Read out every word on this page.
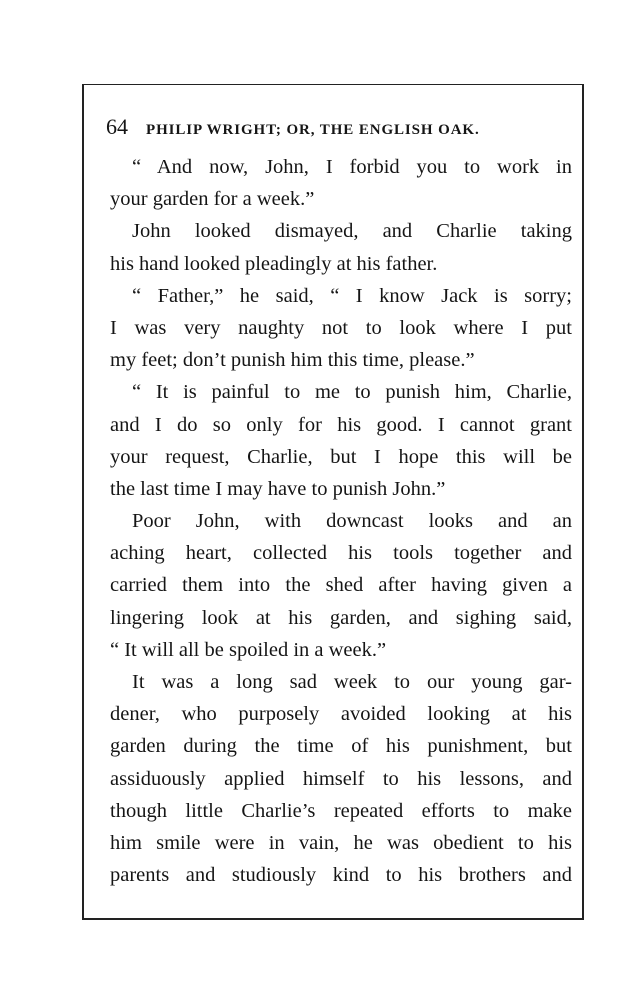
64 PHILIP WRIGHT; OR, THE ENGLISH OAK.
“ And now, John, I forbid you to work in
your garden for a week.”
John looked dismayed, and Charlie taking
his hand looked pleadingly at his father.
“ Father,” he said, “ I know Jack is sorry;
I was very naughty not to look where I put
my feet; don’t punish him this time, please.”
“ It is painful to me to punish him, Charlie,
and I do so only for his good. I cannot grant
your request, Charlie, but I hope this will be
the last time I may have to punish John.”
Poor John, with downcast looks and an
aching heart, collected his tools together and
carried them into the shed after having given a
lingering look at his garden, and sighing said,
“ It will all be spoiled in a week.”
It was a long sad week to our young gar-
dener, who purposely avoided looking at his
garden during the time of his punishment, but
assiduously applied himself to his lessons, and
though little Charlie’s repeated efforts to make
him smile were in vain, he was obedient to his
parents and studiously kind to his brothers and
